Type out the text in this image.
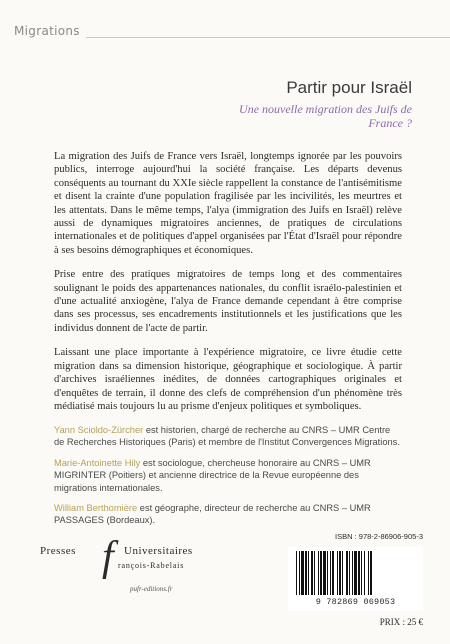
Migrations
Partir pour Israël
Une nouvelle migration des Juifs de France ?

La migration des Juifs de France vers Israël, longtemps ignorée par les pouvoirs publics, interroge aujourd'hui la société française. Les départs devenus conséquents au tournant du XXIe siècle rappellent la constance de l'antisémitisme et disent la crainte d'une population fragilisée par les incivilités, les meurtres et les attentats. Dans le même temps, l'alya (immigration des Juifs en Israël) relève aussi de dynamiques migratoires anciennes, de pratiques de circulations internationales et de politiques d'appel organisées par l'État d'Israël pour répondre à ses besoins démographiques et économiques.

Prise entre des pratiques migratoires de temps long et des commentaires soulignant le poids des appartenances nationales, du conflit israélo-palestinien et d'une actualité anxiogène, l'alya de France demande cependant à être comprise dans ses processus, ses encadrements institutionnels et les justifications que les individus donnent de l'acte de partir.

Laissant une place importante à l'expérience migratoire, ce livre étudie cette migration dans sa dimension historique, géographique et sociologique. À partir d'archives israéliennes inédites, de données cartographiques originales et d'enquêtes de terrain, il donne des clefs de compréhension d'un phénomène très médiatisé mais toujours lu au prisme d'enjeux politiques et symboliques.

Yann Scioldo-Zürcher est historien, chargé de recherche au CNRS – UMR Centre de Recherches Historiques (Paris) et membre de l'Institut Convergences Migrations.

Marie-Antoinette Hily est sociologue, chercheuse honoraire au CNRS – UMR MIGRINTER (Poitiers) et ancienne directrice de la Revue européenne des migrations internationales.

William Berthomière est géographe, directeur de recherche au CNRS – UMR PASSAGES (Bordeaux).

Presses f Universitaires
rançois-Rabelais
pufr-editions.fr
ISBN : 978-2-86906-905-3
9 782869 069053
PRIX : 25 €
